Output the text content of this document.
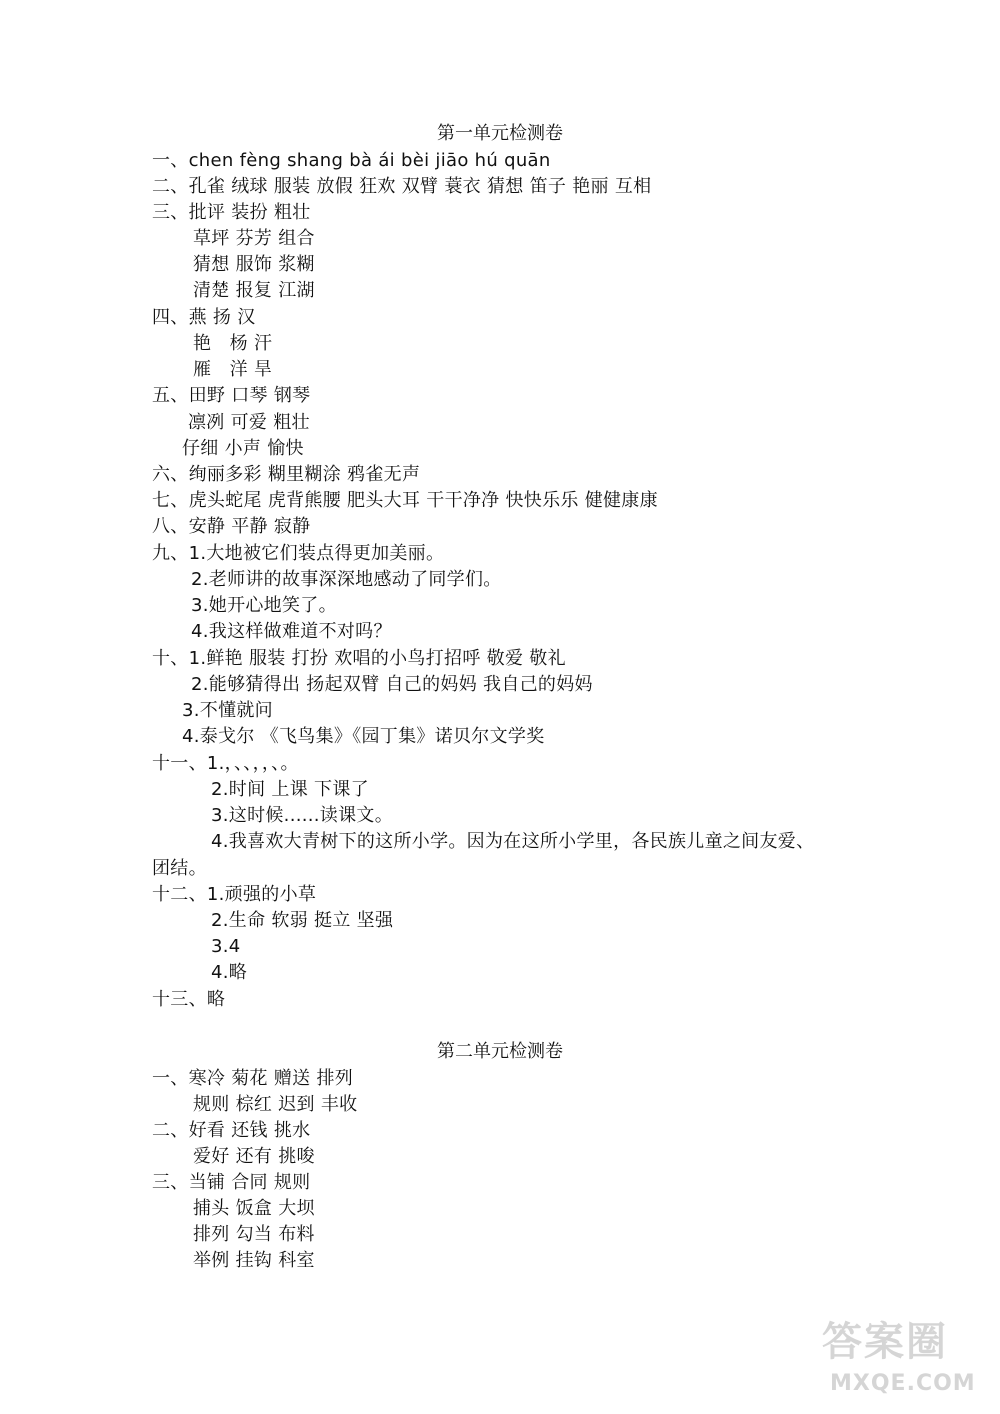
第一单元检测卷
一、chen fèng shang bà ái bèi jiāo hú quān
二、孔雀 绒球 服装 放假 狂欢 双臂 蓑衣 猜想 笛子 艳丽 互相
三、批评 装扮 粗壮
草坪 芬芳 组合
猜想 服饰 浆糊
清楚 报复 江湖
四、燕 扬 汉
艳　杨 汗
雁　洋 旱
五、田野 口琴 钢琴
凛冽 可爱 粗壮
仔细 小声 愉快
六、绚丽多彩 糊里糊涂 鸦雀无声
七、虎头蛇尾 虎背熊腰 肥头大耳 干干净净 快快乐乐 健健康康
八、安静 平静 寂静
九、1.大地被它们装点得更加美丽。
2.老师讲的故事深深地感动了同学们。
3.她开心地笑了。
4.我这样做难道不对吗？
十、1.鲜艳 服装 打扮 欢唱的小鸟打招呼 敬爱 敬礼
2.能够猜得出 扬起双臂 自己的妈妈 我自己的妈妈
3.不懂就问
4.泰戈尔 《飞鸟集》《园丁集》诺贝尔文学奖
十一、1.，、、，，、。
2.时间 上课 下课了
3.这时候......读课文。
4.我喜欢大青树下的这所小学。因为在这所小学里，各民族儿童之间友爱、
团结。
十二、1.顽强的小草
2.生命 软弱 挺立 坚强
3.4
4.略
十三、略
第二单元检测卷
一、寒冷 菊花 赠送 排列
规则 棕红 迟到 丰收
二、好看 还钱 挑水
爱好 还有 挑唆
三、当铺 合同 规则
捕头 饭盒 大坝
排列 勾当 布料
举例 挂钩 科室
答案圈
MXQE.COM
